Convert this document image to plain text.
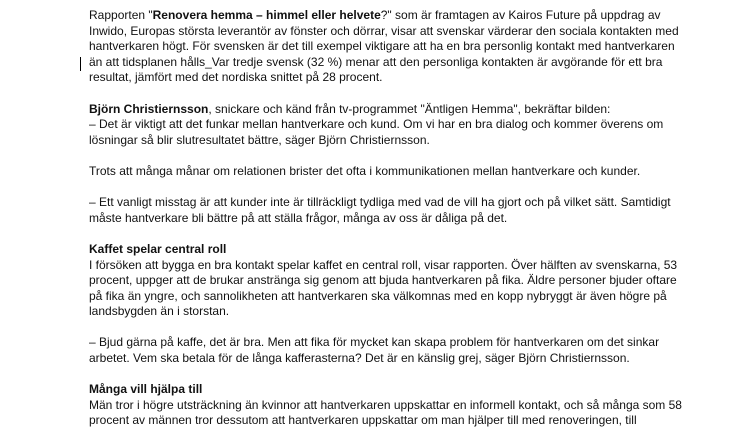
Rapporten "Renovera hemma – himmel eller helvete?" som är framtagen av Kairos Future på uppdrag av Inwido, Europas största leverantör av fönster och dörrar, visar att svenskar värderar den sociala kontakten med hantverkaren högt. För svensken är det till exempel viktigare att ha en bra personlig kontakt med hantverkaren än att tidsplanen hålls_Var tredje svensk (32 %) menar att den personliga kontakten är avgörande för ett bra resultat, jämfört med det nordiska snittet på 28 procent.

Björn Christiernsson, snickare och känd från tv-programmet "Äntligen Hemma", bekräftar bilden:

– Det är viktigt att det funkar mellan hantverkare och kund. Om vi har en bra dialog och kommer överens om lösningar så blir slutresultatet bättre, säger Björn Christiernsson.

Trots att många månar om relationen brister det ofta i kommunikationen mellan hantverkare och kunder.

– Ett vanligt misstag är att kunder inte är tillräckligt tydliga med vad de vill ha gjort och på vilket sätt. Samtidigt måste hantverkare bli bättre på att ställa frågor, många av oss är dåliga på det.

Kaffet spelar central roll

I försöken att bygga en bra kontakt spelar kaffet en central roll, visar rapporten. Över hälften av svenskarna, 53 procent, uppger att de brukar anstränga sig genom att bjuda hantverkaren på fika. Äldre personer bjuder oftare på fika än yngre, och sannolikheten att hantverkaren ska välkomnas med en kopp nybryggt är även högre på landsbygden än i storstan.

– Bjud gärna på kaffe, det är bra. Men att fika för mycket kan skapa problem för hantverkaren om det sinkar arbetet. Vem ska betala för de långa kafferasterna? Det är en känslig grej, säger Björn Christiernsson.

Många vill hjälpa till

Män tror i högre utsträckning än kvinnor att hantverkaren uppskattar en informell kontakt, och så många som 58 procent av männen tror dessutom att hantverkaren uppskattar om man hjälper till med renoveringen, till
